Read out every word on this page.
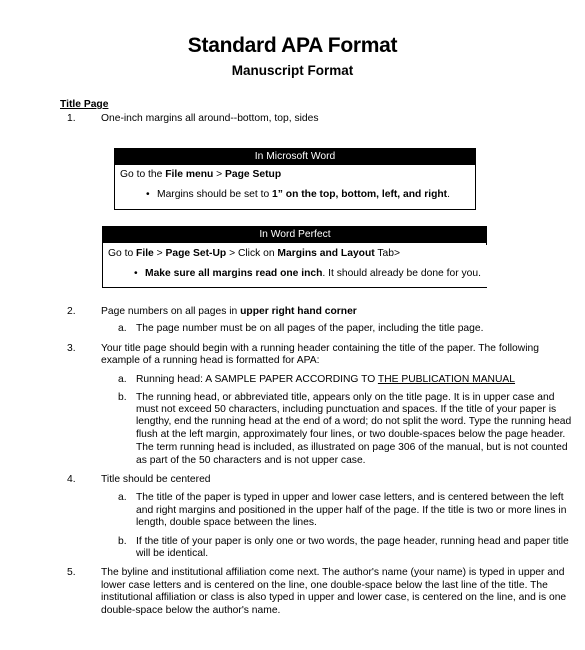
Standard APA Format
Manuscript Format
Title Page
1. One-inch margins all around--bottom, top, sides
In Microsoft Word
Go to the File menu > Page Setup
• Margins should be set to 1” on the top, bottom, left, and right.
In Word Perfect
Go to File > Page Set-Up > Click on Margins and Layout Tab>
• Make sure all margins read one inch. It should already be done for you.
2. Page numbers on all pages in upper right hand corner
a. The page number must be on all pages of the paper, including the title page.
3. Your title page should begin with a running header containing the title of the paper. The following
example of a running head is formatted for APA:
a. Running head: A SAMPLE PAPER ACCORDING TO THE PUBLICATION MANUAL
b. The running head, or abbreviated title, appears only on the title page. It is in upper case and
must not exceed 50 characters, including punctuation and spaces. If the title of your paper is
lengthy, end the running head at the end of a word; do not split the word. Type the running head
flush at the left margin, approximately four lines, or two double-spaces below the page header.
The term running head is included, as illustrated on page 306 of the manual, but is not counted
as part of the 50 characters and is not upper case.
4. Title should be centered
a. The title of the paper is typed in upper and lower case letters, and is centered between the left
and right margins and positioned in the upper half of the page. If the title is two or more lines in
length, double space between the lines.
b. If the title of your paper is only one or two words, the page header, running head and paper title
will be identical.
5. The byline and institutional affiliation come next. The author's name (your name) is typed in upper and
lower case letters and is centered on the line, one double-space below the last line of the title. The
institutional affiliation or class is also typed in upper and lower case, is centered on the line, and is one
double-space below the author's name.
